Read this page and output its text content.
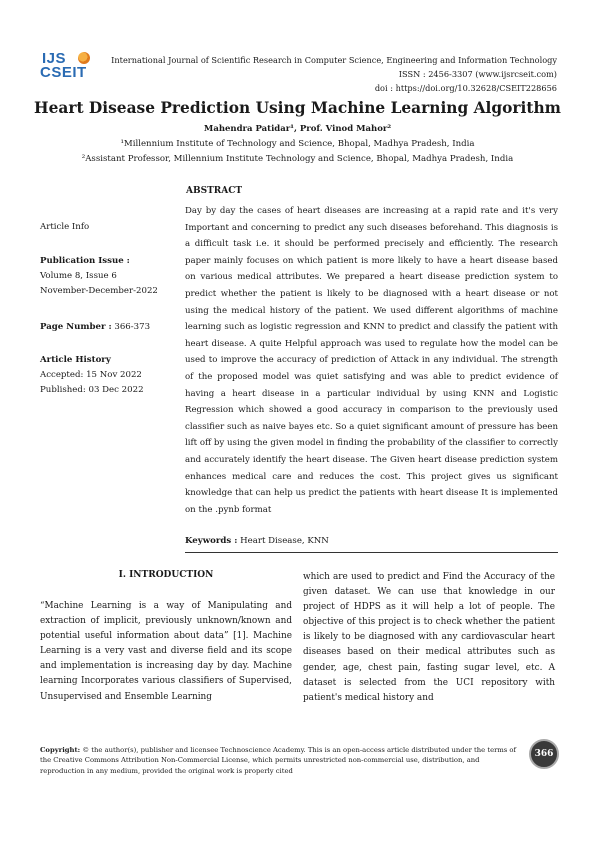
IJS
CSEIT
International Journal of Scientific Research in Computer Science, Engineering and Information Technology
ISSN : 2456-3307 (www.ijsrcseit.com)
doi : https://doi.org/10.32628/CSEIT228656
Heart Disease Prediction Using Machine Learning Algorithm
Mahendra Patidar¹, Prof. Vinod Mahor²
¹Millennium Institute of Technology and Science, Bhopal, Madhya Pradesh, India
²Assistant Professor, Millennium Institute Technology and Science, Bhopal, Madhya Pradesh, India
Article Info
Publication Issue :
Volume 8, Issue 6
November-December-2022
Page Number : 366-373
Article History
Accepted: 15 Nov 2022
Published: 03 Dec 2022
ABSTRACT
Day by day the cases of heart diseases are increasing at a rapid rate and it's very Important and concerning to predict any such diseases beforehand. This diagnosis is a difficult task i.e. it should be performed precisely and efficiently. The research paper mainly focuses on which patient is more likely to have a heart disease based on various medical attributes. We prepared a heart disease prediction system to predict whether the patient is likely to be diagnosed with a heart disease or not using the medical history of the patient. We used different algorithms of machine learning such as logistic regression and KNN to predict and classify the patient with heart disease. A quite Helpful approach was used to regulate how the model can be used to improve the accuracy of prediction of Attack in any individual. The strength of the proposed model was quiet satisfying and was able to predict evidence of having a heart disease in a particular individual by using KNN and Logistic Regression which showed a good accuracy in comparison to the previously used classifier such as naive bayes etc. So a quiet significant amount of pressure has been lift off by using the given model in finding the probability of the classifier to correctly and accurately identify the heart disease. The Given heart disease prediction system enhances medical care and reduces the cost. This project gives us significant knowledge that can help us predict the patients with heart disease It is implemented on the .pynb format
Keywords : Heart Disease, KNN
I. INTRODUCTION
“Machine Learning is a way of Manipulating and extraction of implicit, previously unknown/known and potential useful information about data” [1]. Machine Learning is a very vast and diverse field and its scope and implementation is increasing day by day. Machine learning Incorporates various classifiers of Supervised, Unsupervised and Ensemble Learning
which are used to predict and Find the Accuracy of the given dataset. We can use that knowledge in our project of HDPS as it will help a lot of people. The objective of this project is to check whether the patient is likely to be diagnosed with any cardiovascular heart diseases based on their medical attributes such as gender, age, chest pain, fasting sugar level, etc. A dataset is selected from the UCI repository with patient's medical history and
Copyright: © the author(s), publisher and licensee Technoscience Academy. This is an open-access article distributed under the terms of the Creative Commons Attribution Non-Commercial License, which permits unrestricted non-commercial use, distribution, and reproduction in any medium, provided the original work is properly cited
366
